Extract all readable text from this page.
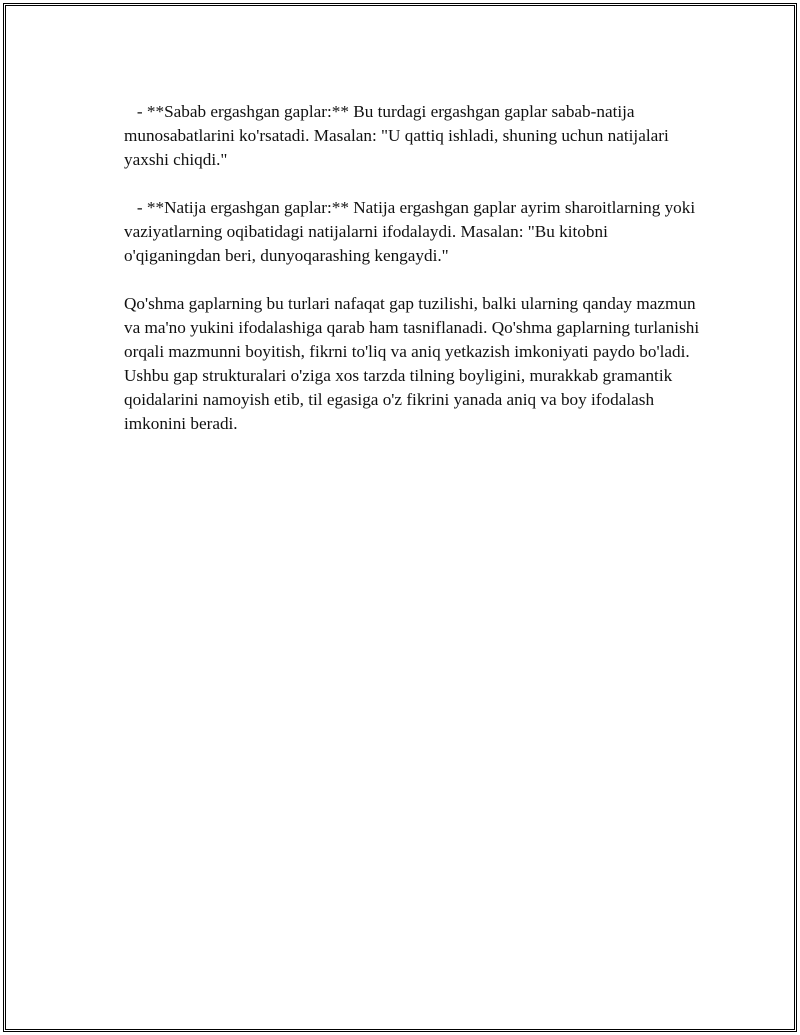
- **Sabab ergashgan gaplar:** Bu turdagi ergashgan gaplar sabab-natija munosabatlarini ko'rsatadi. Masalan: "U qattiq ishladi, shuning uchun natijalari yaxshi chiqdi."

- **Natija ergashgan gaplar:** Natija ergashgan gaplar ayrim sharoitlarning yoki vaziyatlarning oqibatidagi natijalarni ifodalaydi. Masalan: "Bu kitobni o'qiganingdan beri, dunyoqarashing kengaydi."

Qo'shma gaplarning bu turlari nafaqat gap tuzilishi, balki ularning qanday mazmun va ma'no yukini ifodalashiga qarab ham tasniflanadi. Qo'shma gaplarning turlanishi orqali mazmunni boyitish, fikrni to'liq va aniq yetkazish imkoniyati paydo bo'ladi. Ushbu gap strukturalari o'ziga xos tarzda tilning boyligini, murakkab gramantik qoidalarini namoyish etib, til egasiga o'z fikrini yanada aniq va boy ifodalash imkonini beradi.
